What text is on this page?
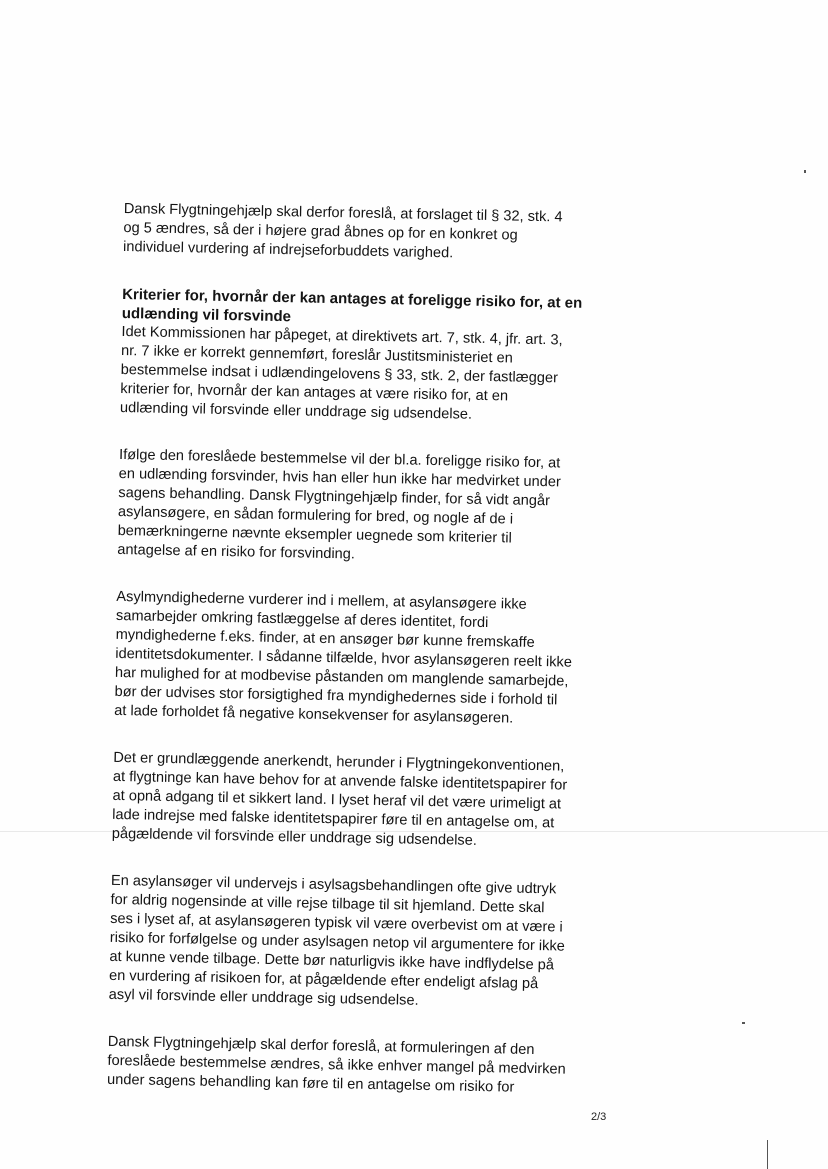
Dansk Flygtningehjælp skal derfor foreslå, at forslaget til § 32, stk. 4
og 5 ændres, så der i højere grad åbnes op for en konkret og
individuel vurdering af indrejseforbuddets varighed.

Kriterier for, hvornår der kan antages at foreligge risiko for, at en
udlænding vil forsvinde

Idet Kommissionen har påpeget, at direktivets art. 7, stk. 4, jfr. art. 3,
nr. 7 ikke er korrekt gennemført, foreslår Justitsministeriet en
bestemmelse indsat i udlændingelovens § 33, stk. 2, der fastlægger
kriterier for, hvornår der kan antages at være risiko for, at en
udlænding vil forsvinde eller unddrage sig udsendelse.

Ifølge den foreslåede bestemmelse vil der bl.a. foreligge risiko for, at
en udlænding forsvinder, hvis han eller hun ikke har medvirket under
sagens behandling. Dansk Flygtningehjælp finder, for så vidt angår
asylansøgere, en sådan formulering for bred, og nogle af de i
bemærkningerne nævnte eksempler uegnede som kriterier til
antagelse af en risiko for forsvinding.

Asylmyndighederne vurderer ind i mellem, at asylansøgere ikke
samarbejder omkring fastlæggelse af deres identitet, fordi
myndighederne f.eks. finder, at en ansøger bør kunne fremskaffe
identitetsdokumenter. I sådanne tilfælde, hvor asylansøgeren reelt ikke
har mulighed for at modbevise påstanden om manglende samarbejde,
bør der udvises stor forsigtighed fra myndighedernes side i forhold til
at lade forholdet få negative konsekvenser for asylansøgeren.

Det er grundlæggende anerkendt, herunder i Flygtningekonventionen,
at flygtninge kan have behov for at anvende falske identitetspapirer for
at opnå adgang til et sikkert land. I lyset heraf vil det være urimeligt at
lade indrejse med falske identitetspapirer føre til en antagelse om, at
pågældende vil forsvinde eller unddrage sig udsendelse.

En asylansøger vil undervejs i asylsagsbehandlingen ofte give udtryk
for aldrig nogensinde at ville rejse tilbage til sit hjemland. Dette skal
ses i lyset af, at asylansøgeren typisk vil være overbevist om at være i
risiko for forfølgelse og under asylsagen netop vil argumentere for ikke
at kunne vende tilbage. Dette bør naturligvis ikke have indflydelse på
en vurdering af risikoen for, at pågældende efter endeligt afslag på
asyl vil forsvinde eller unddrage sig udsendelse.

Dansk Flygtningehjælp skal derfor foreslå, at formuleringen af den
foreslåede bestemmelse ændres, så ikke enhver mangel på medvirken
under sagens behandling kan føre til en antagelse om risiko for

2/3
